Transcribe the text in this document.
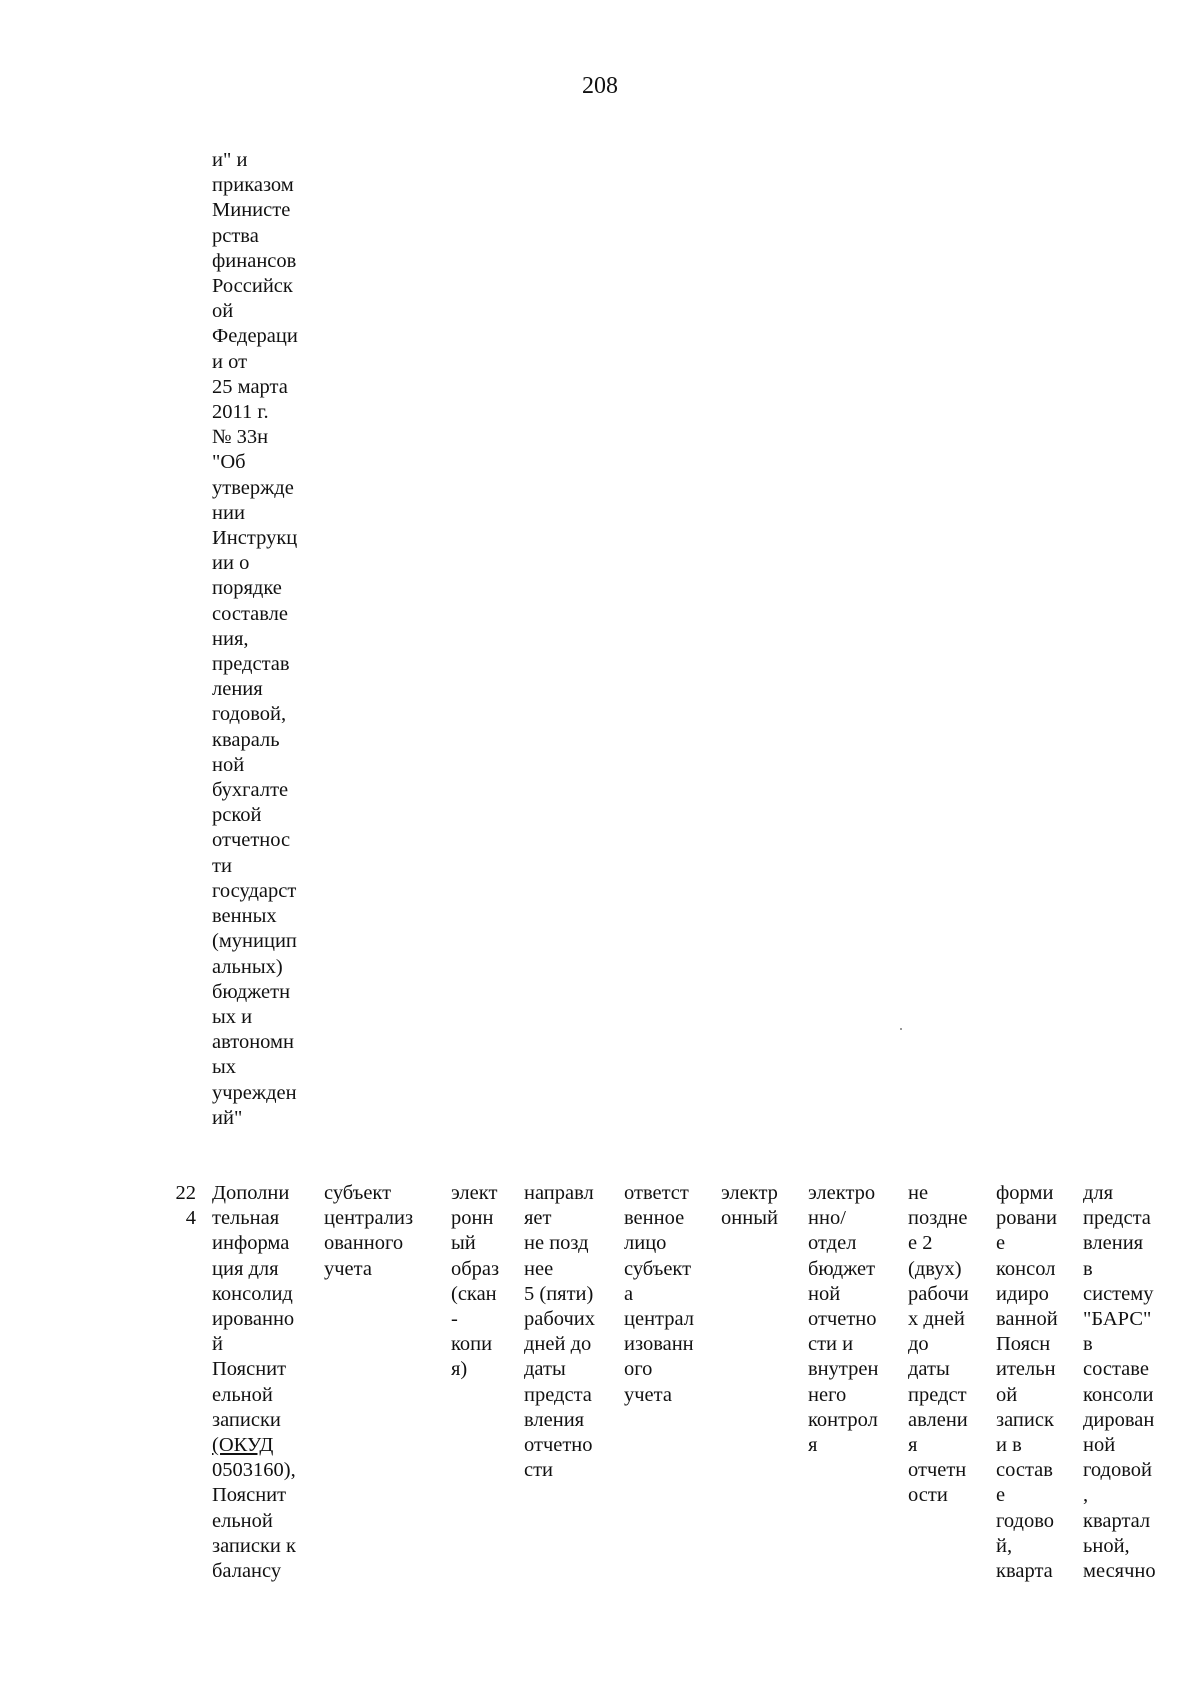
208
и" и
приказом
Министе
рства
финансов
Российск
ой
Федераци
и от
25 марта
2011 г.
№ 33н
"Об
утвержде
нии
Инструкц
ии о
порядке
составле
ния,
представ
ления
годовой,
квараль
ной
бухгалте
рской
отчетнос
ти
государст
венных
(муницип
альных)
бюджетн
ых и
автономн
ых
учрежден
ий"
22
4
Дополни
тельная
информа
ция для
консолид
ированно
й
Пояснит
ельной
записки
(ОКУД
0503160),
Пояснит
ельной
записки к
балансу
субъект
централиз
ованного
учета
элект
ронн
ый
образ
(скан
-
копи
я)
направл
яет
не позд
нее
5 (пяти)
рабочих
дней до
даты
предста
вления
отчетно
сти
ответст
венное
лицо
субъект
а
централ
изованн
ого
учета
электр
онный
электро
нно/
отдел
бюджет
ной
отчетно
сти и
внутрен
него
контрол
я
не
поздне
е 2
(двух)
рабочи
х дней
до
даты
предст
авлени
я
отчетн
ости
форми
ровани
е
консол
идиро
ванной
Поясн
ительн
ой
записк
и в
состав
е
годово
й,
кварта
для
предста
вления
в
систему
"БАРС"
в
составе
консоли
дирован
ной
годовой
,
квартал
ьной,
месячно
